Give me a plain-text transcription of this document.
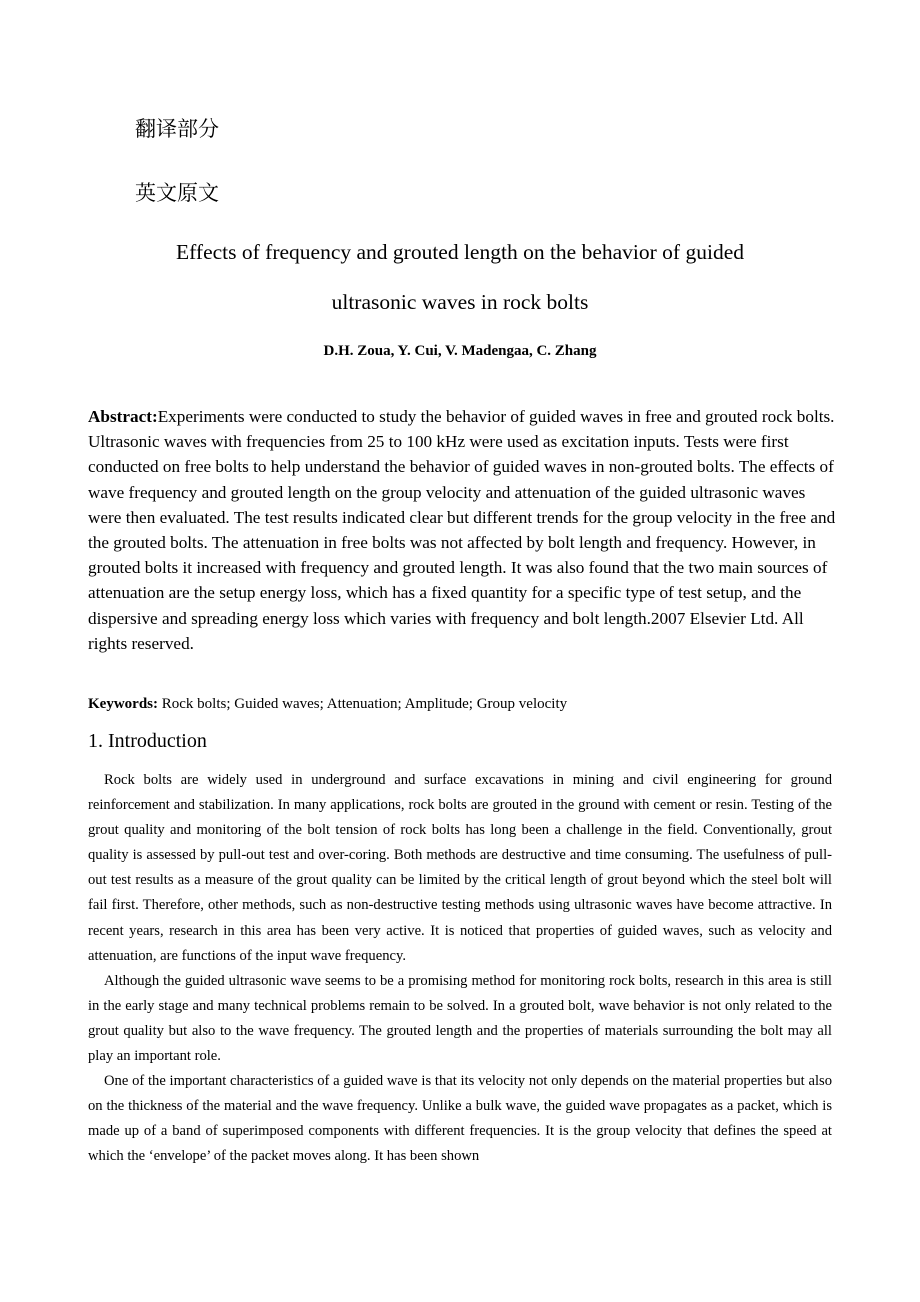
翻译部分
英文原文
Effects of frequency and grouted length on the behavior of guided
ultrasonic waves in rock bolts
D.H. Zoua, Y. Cui, V. Madengaa, C. Zhang
Abstract:Experiments were conducted to study the behavior of guided waves in free and grouted rock bolts. Ultrasonic waves with frequencies from 25 to 100 kHz were used as excitation inputs. Tests were first conducted on free bolts to help understand the behavior of guided waves in non-grouted bolts. The effects of wave frequency and grouted length on the group velocity and attenuation of the guided ultrasonic waves were then evaluated. The test results indicated clear but different trends for the group velocity in the free and the grouted bolts. The attenuation in free bolts was not affected by bolt length and frequency. However, in grouted bolts it increased with frequency and grouted length. It was also found that the two main sources of attenuation are the setup energy loss, which has a fixed quantity for a specific type of test setup, and the dispersive and spreading energy loss which varies with frequency and bolt length.2007 Elsevier Ltd. All rights reserved.
Keywords: Rock bolts; Guided waves; Attenuation; Amplitude; Group velocity
1. Introduction

Rock bolts are widely used in underground and surface excavations in mining and civil engineering for ground reinforcement and stabilization. In many applications, rock bolts are grouted in the ground with cement or resin. Testing of the grout quality and monitoring of the bolt tension of rock bolts has long been a challenge in the field. Conventionally, grout quality is assessed by pull-out test and over-coring. Both methods are destructive and time consuming. The usefulness of pull-out test results as a measure of the grout quality can be limited by the critical length of grout beyond which the steel bolt will fail first. Therefore, other methods, such as non-destructive testing methods using ultrasonic waves have become attractive. In recent years, research in this area has been very active. It is noticed that properties of guided waves, such as velocity and attenuation, are functions of the input wave frequency.

Although the guided ultrasonic wave seems to be a promising method for monitoring rock bolts, research in this area is still in the early stage and many technical problems remain to be solved. In a grouted bolt, wave behavior is not only related to the grout quality but also to the wave frequency. The grouted length and the properties of materials surrounding the bolt may all play an important role.

One of the important characteristics of a guided wave is that its velocity not only depends on the material properties but also on the thickness of the material and the wave frequency. Unlike a bulk wave, the guided wave propagates as a packet, which is made up of a band of superimposed components with different frequencies. It is the group velocity that defines the speed at which the ‘envelope’ of the packet moves along. It has been shown
